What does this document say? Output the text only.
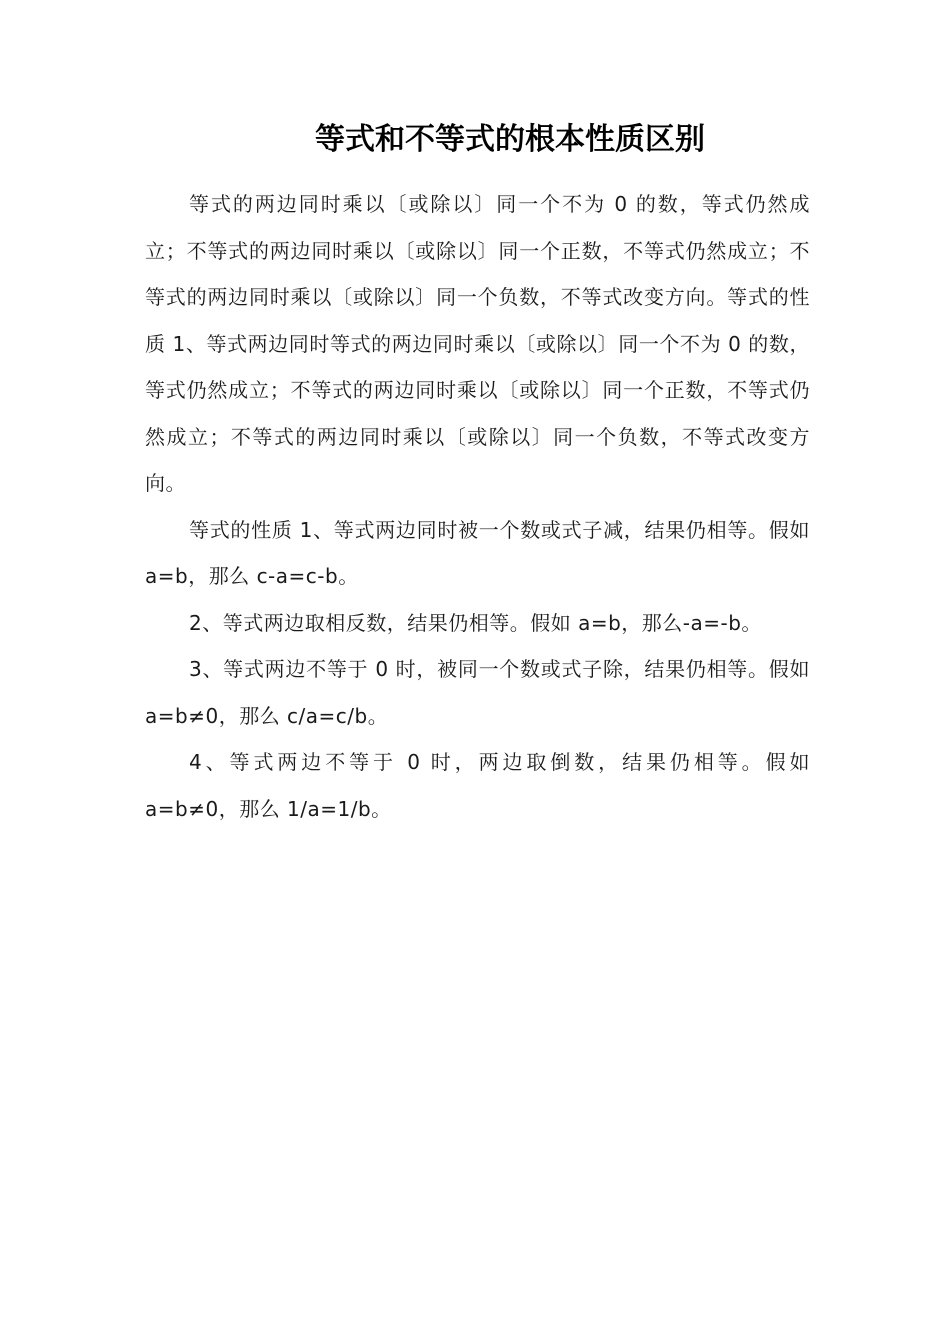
等式和不等式的根本性质区别

等式的两边同时乘以〔或除以〕同一个不为 0 的数，等式仍然成立；不等式的两边同时乘以〔或除以〕同一个正数，不等式仍然成立；不等式的两边同时乘以〔或除以〕同一个负数，不等式改变方向。等式的性质 1、等式两边同时等式的两边同时乘以〔或除以〕同一个不为 0 的数，等式仍然成立；不等式的两边同时乘以〔或除以〕同一个正数，不等式仍然成立；不等式的两边同时乘以〔或除以〕同一个负数，不等式改变方向。

等式的性质 1、等式两边同时被一个数或式子减，结果仍相等。假如 a=b，那么 c-a=c-b。

2、等式两边取相反数，结果仍相等。假如 a=b，那么-a=-b。

3、等式两边不等于 0 时，被同一个数或式子除，结果仍相等。假如 a=b≠0，那么 c/a=c/b。

4、等式两边不等于 0 时，两边取倒数，结果仍相等。假如 a=b≠0，那么 1/a=1/b。
